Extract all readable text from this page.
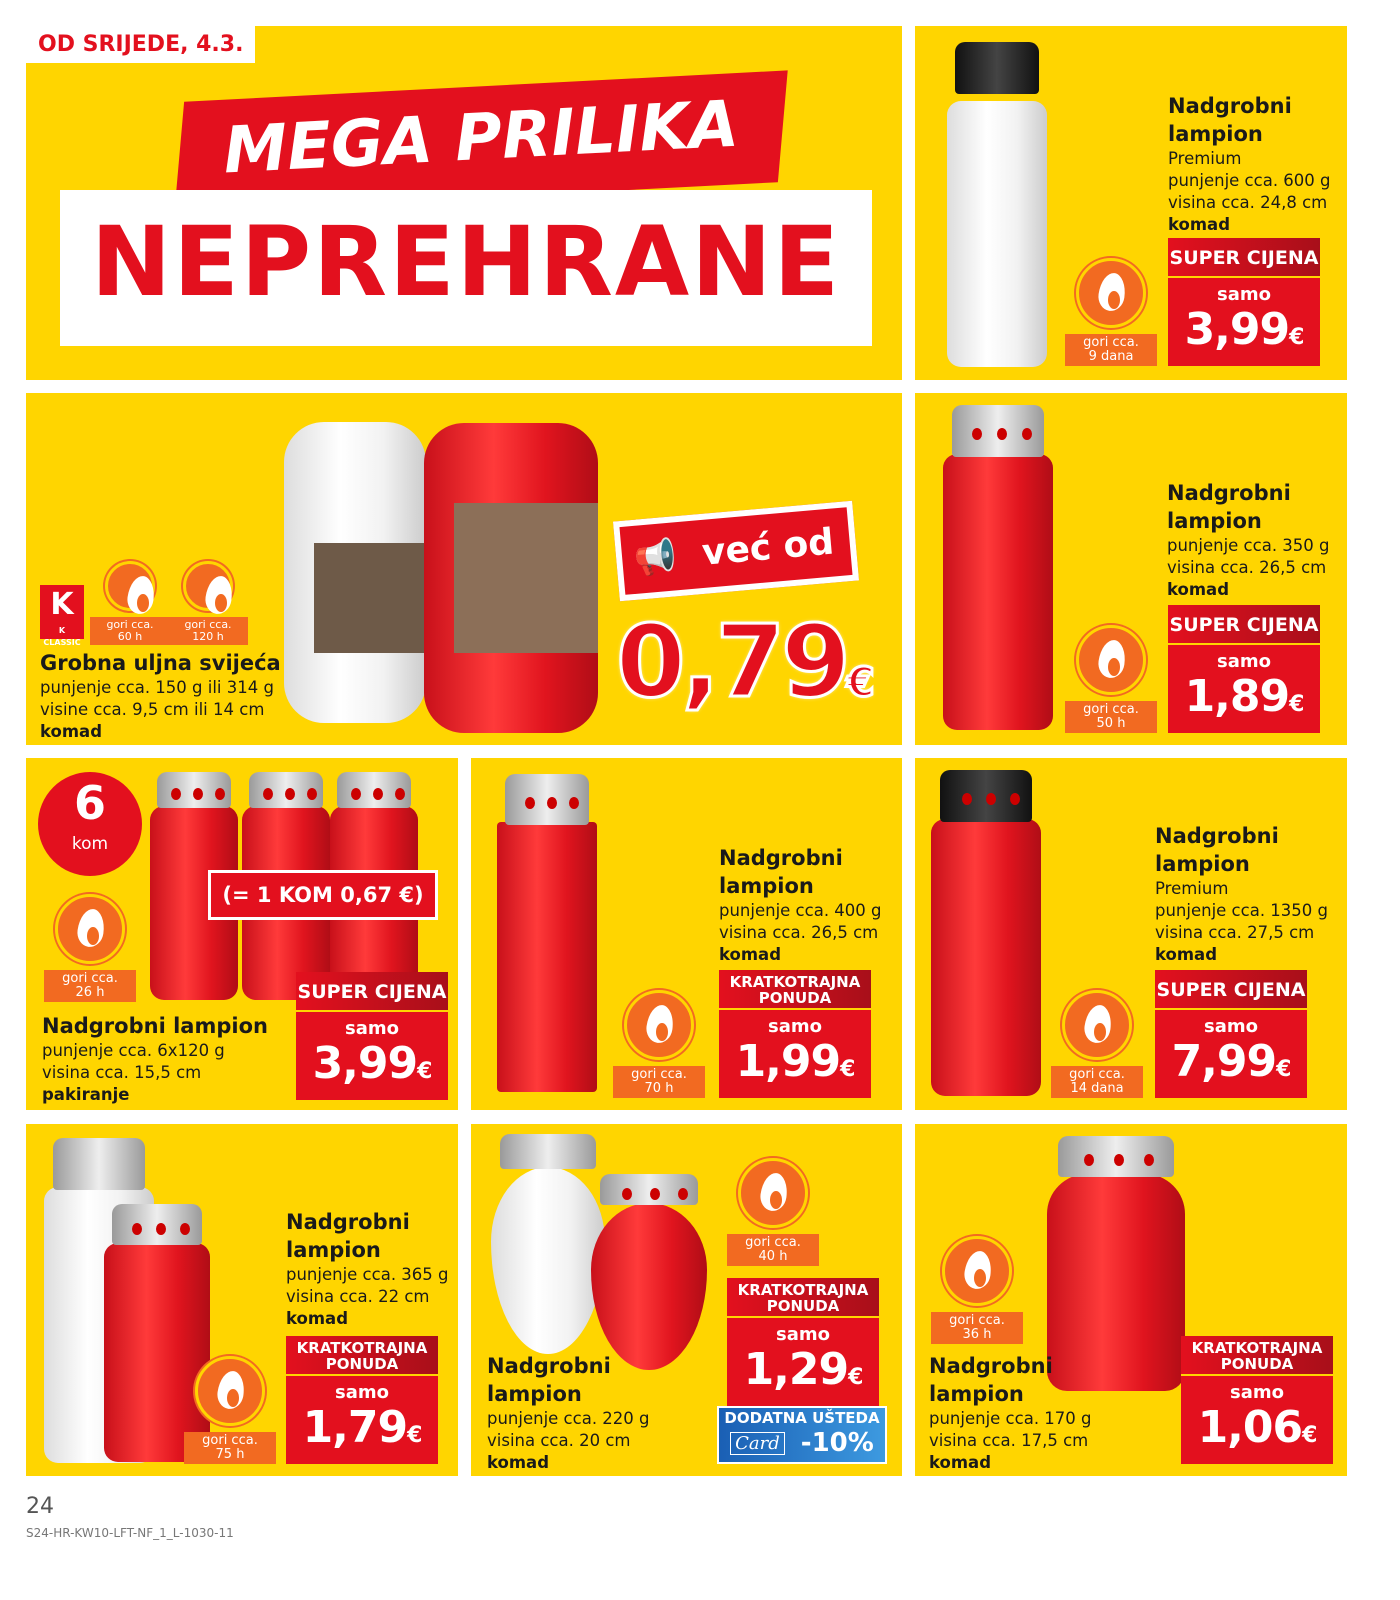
MEGA PRILIKA
NEPREHRANE
OD SRIJEDE, 4.3.
Nadgrobni lampion
Premium
punjenje cca. 600 g
visina cca. 24,8 cm
komad
SUPER CIJENA
samo
3,99€
gori cca.
9 dana
K
K CLASSIC
gori cca.
60 h
gori cca.
120 h
Grobna uljna svijeća
punjenje cca. 150 g ili 314 g
visine cca. 9,5 cm ili 14 cm
komad
📢 već od
0,79€
Nadgrobni lampion
punjenje cca. 350 g
visina cca. 26,5 cm
komad
SUPER CIJENA
samo
1,89€
gori cca.
50 h
6
kom
(= 1 KOM 0,67 €)
gori cca.
26 h
Nadgrobni lampion
punjenje cca. 6x120 g
visina cca. 15,5 cm
pakiranje
SUPER CIJENA
samo
3,99€
Nadgrobni lampion
punjenje cca. 400 g
visina cca. 26,5 cm
komad
KRATKOTRAJNA PONUDA
samo
1,99€
gori cca.
70 h
Nadgrobni lampion
Premium
punjenje cca. 1350 g
visina cca. 27,5 cm
komad
SUPER CIJENA
samo
7,99€
gori cca.
14 dana
Nadgrobni lampion
punjenje cca. 365 g
visina cca. 22 cm
komad
KRATKOTRAJNA PONUDA
samo
1,79€
gori cca.
75 h
Nadgrobni lampion
punjenje cca. 220 g
visina cca. 20 cm
komad
gori cca.
40 h
KRATKOTRAJNA PONUDA
samo
1,29€
DODATNA UŠTEDA
Card -10%
gori cca.
36 h
Nadgrobni lampion
punjenje cca. 170 g
visina cca. 17,5 cm
komad
KRATKOTRAJNA PONUDA
samo
1,06€
24
S24-HR-KW10-LFT-NF_1_L-1030-11
